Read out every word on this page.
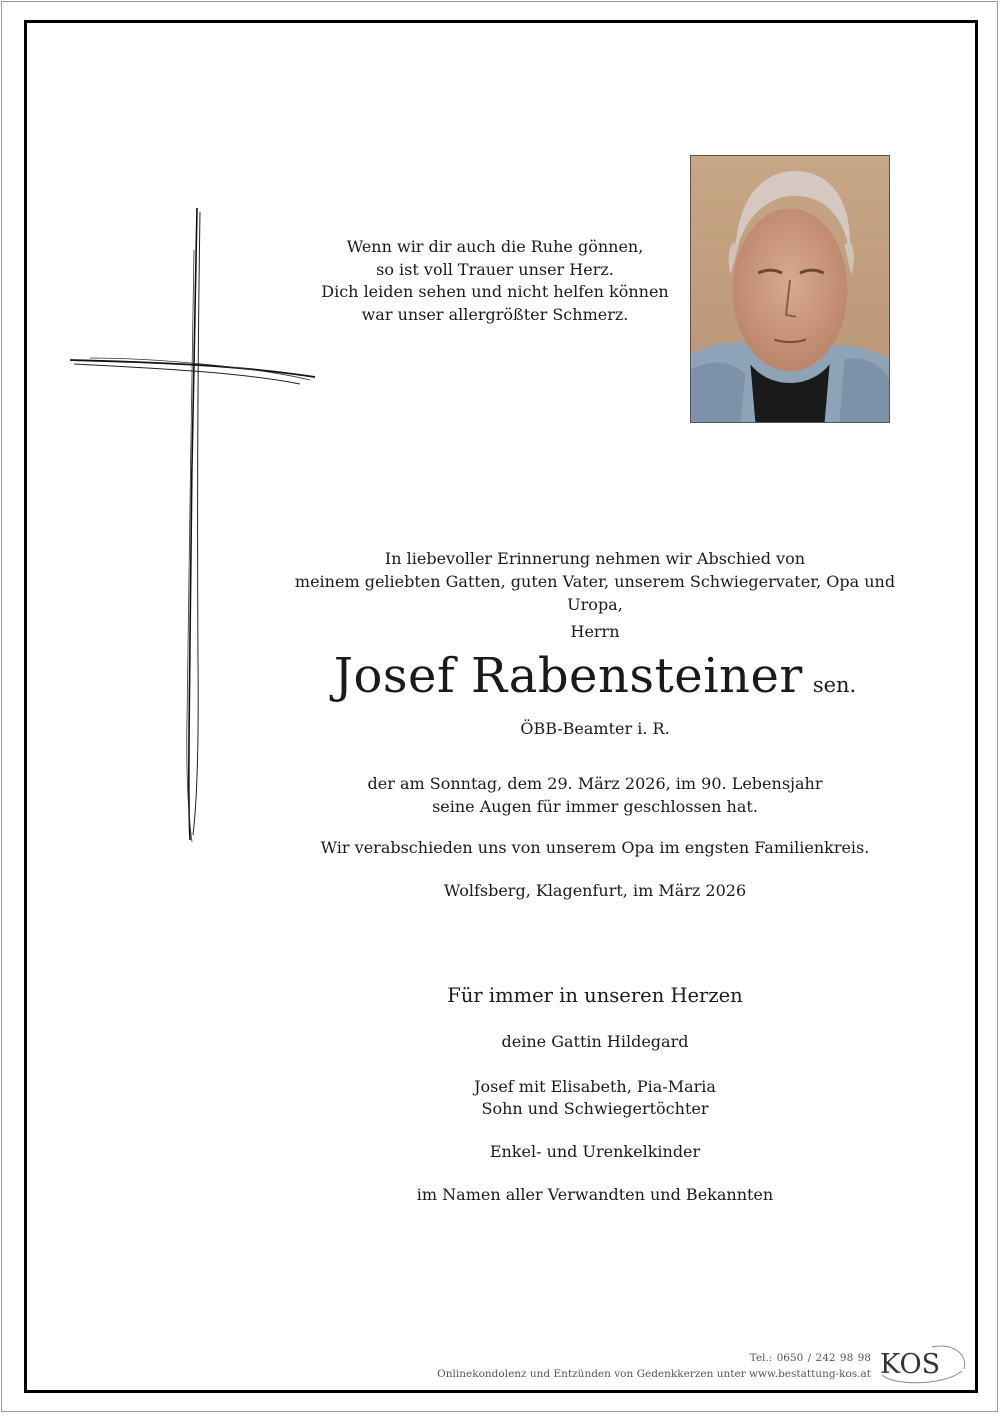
Wenn wir dir auch die Ruhe gönnen,
so ist voll Trauer unser Herz.
Dich leiden sehen und nicht helfen können
war unser allergrößter Schmerz.
In liebevoller Erinnerung nehmen wir Abschied von
meinem geliebten Gatten, guten Vater, unserem Schwiegervater, Opa und Uropa,
Herrn
Josef Rabensteiner sen.
ÖBB-Beamter i. R.
der am Sonntag, dem 29. März 2026, im 90. Lebensjahr
seine Augen für immer geschlossen hat.
Wir verabschieden uns von unserem Opa im engsten Familienkreis.
Wolfsberg, Klagenfurt, im März 2026
Für immer in unseren Herzen
deine Gattin Hildegard
Josef mit Elisabeth, Pia-Maria
Sohn und Schwiegertöchter
Enkel- und Urenkelkinder
im Namen aller Verwandten und Bekannten
Tel.: 0650 / 242 98 98
Onlinekondolenz und Entzünden von Gedenkkerzen unter www.bestattung-kos.at KOS
